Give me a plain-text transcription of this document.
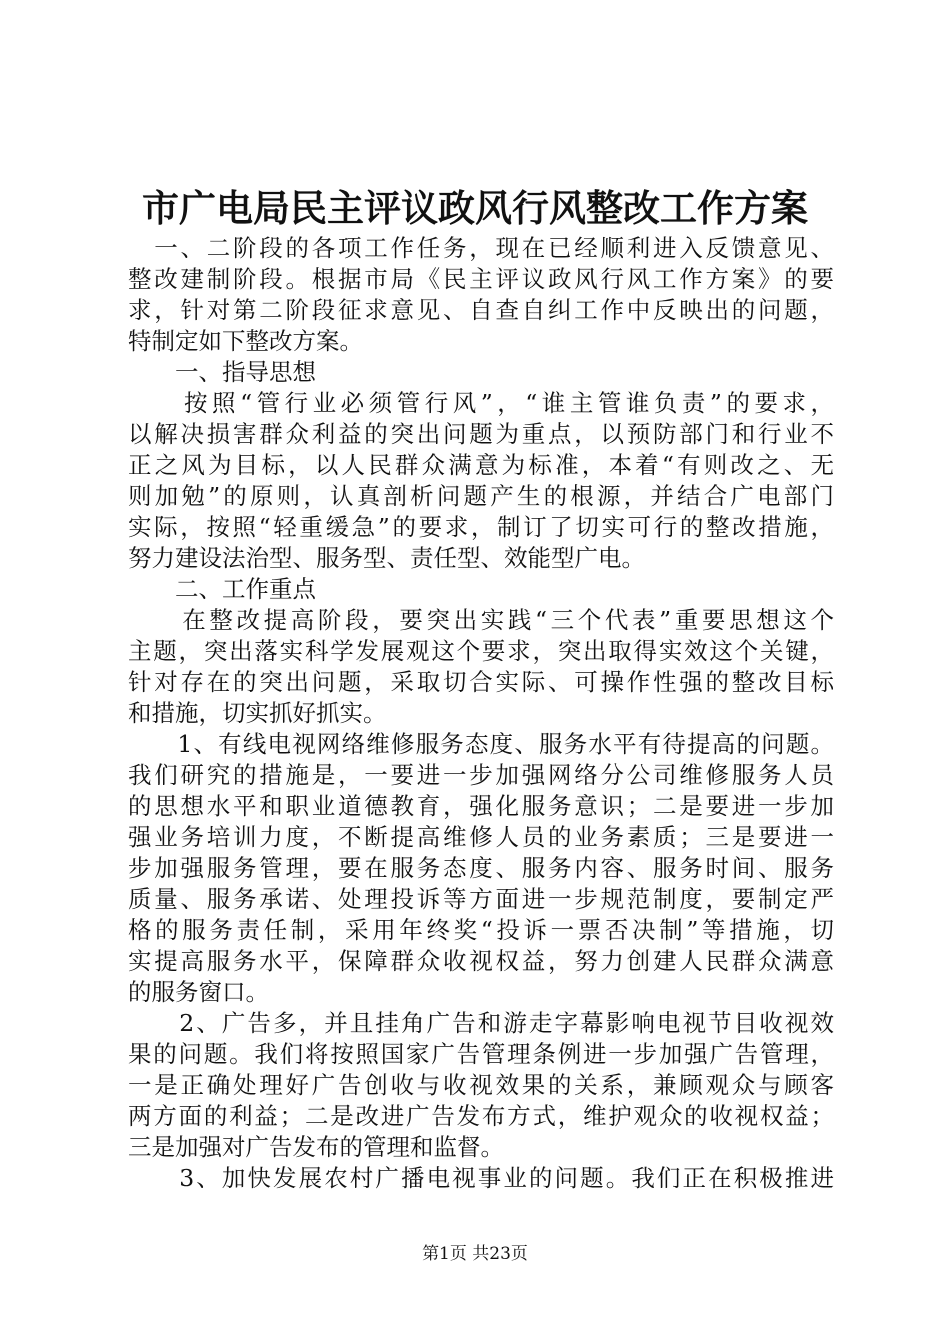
市广电局民主评议政风行风整改工作方案
　一、二阶段的各项工作任务，现在已经顺利进入反馈意见、
整改建制阶段。根据市局《民主评议政风行风工作方案》的要
求，针对第二阶段征求意见、自查自纠工作中反映出的问题，
特制定如下整改方案。
　　一、指导思想
　　按照“管行业必须管行风”，“谁主管谁负责”的要求，
以解决损害群众利益的突出问题为重点，以预防部门和行业不
正之风为目标，以人民群众满意为标准，本着“有则改之、无
则加勉”的原则，认真剖析问题产生的根源，并结合广电部门
实际，按照“轻重缓急”的要求，制订了切实可行的整改措施，
努力建设法治型、服务型、责任型、效能型广电。
　　二、工作重点
　　在整改提高阶段，要突出实践“三个代表”重要思想这个
主题，突出落实科学发展观这个要求，突出取得实效这个关键，
针对存在的突出问题，采取切合实际、可操作性强的整改目标
和措施，切实抓好抓实。
　　1、有线电视网络维修服务态度、服务水平有待提高的问题。
我们研究的措施是，一要进一步加强网络分公司维修服务人员
的思想水平和职业道德教育，强化服务意识；二是要进一步加
强业务培训力度，不断提高维修人员的业务素质；三是要进一
步加强服务管理，要在服务态度、服务内容、服务时间、服务
质量、服务承诺、处理投诉等方面进一步规范制度，要制定严
格的服务责任制，采用年终奖“投诉一票否决制”等措施，切
实提高服务水平，保障群众收视权益，努力创建人民群众满意
的服务窗口。
　　2、广告多，并且挂角广告和游走字幕影响电视节目收视效
果的问题。我们将按照国家广告管理条例进一步加强广告管理，
一是正确处理好广告创收与收视效果的关系，兼顾观众与顾客
两方面的利益；二是改进广告发布方式，维护观众的收视权益；
三是加强对广告发布的管理和监督。
　　3、加快发展农村广播电视事业的问题。我们正在积极推进
第1页 共23页
